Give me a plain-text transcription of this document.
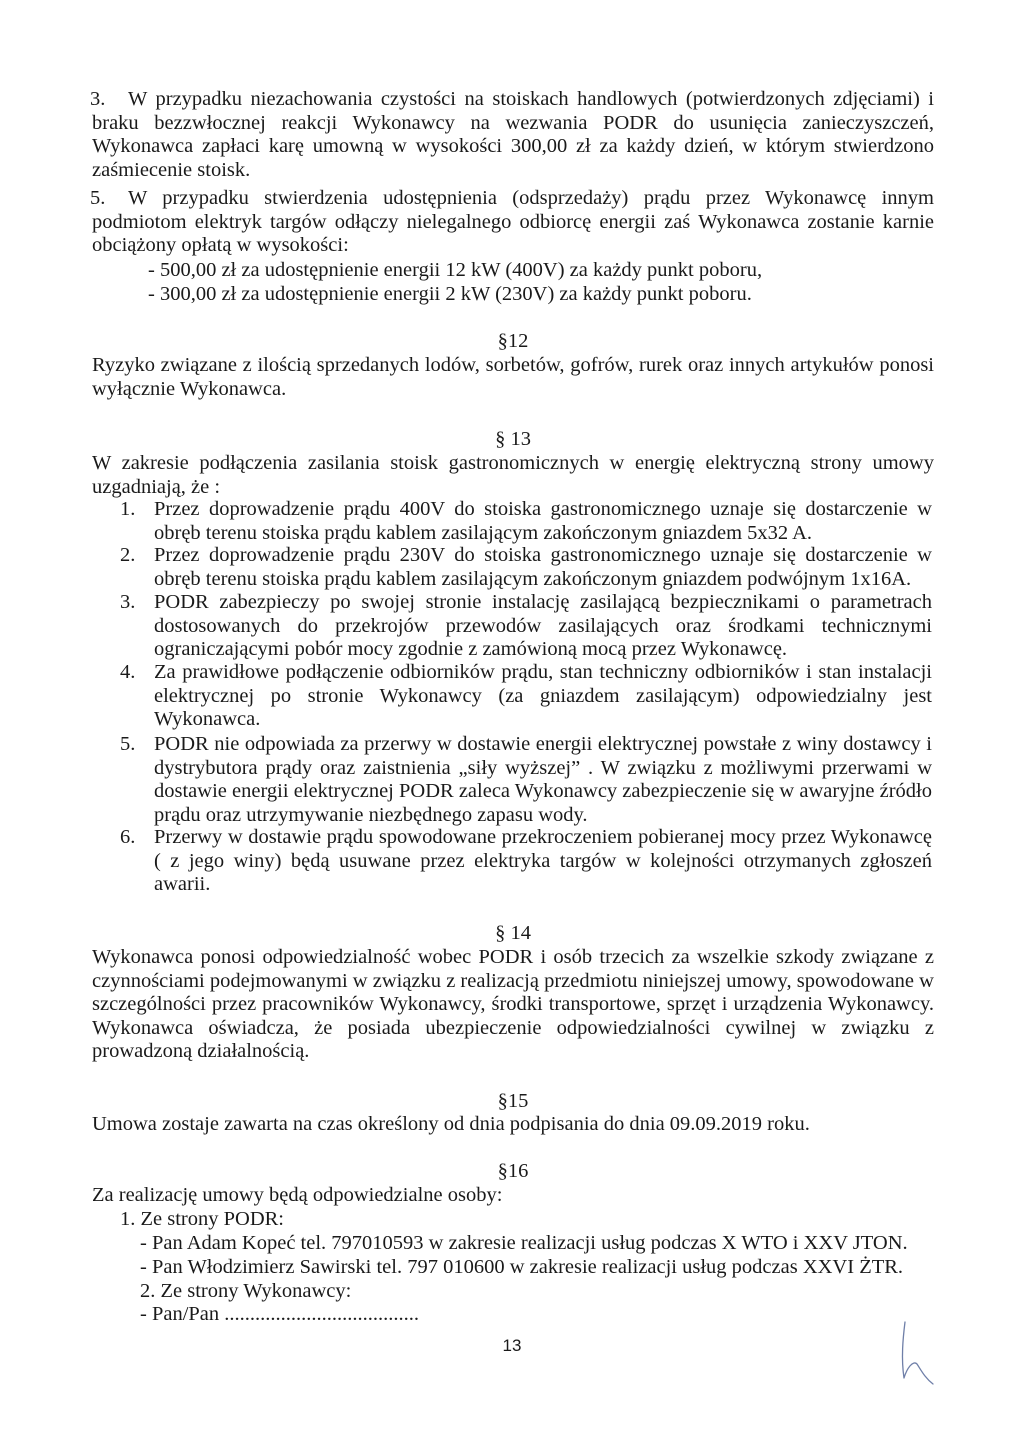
3.	W przypadku niezachowania czystości na stoiskach handlowych (potwierdzonych zdjęciami) i braku bezzwłocznej reakcji Wykonawcy na wezwania PODR do usunięcia zanieczyszczeń, Wykonawca zapłaci karę umowną w wysokości 300,00 zł za każdy dzień, w którym stwierdzono zaśmiecenie stoisk.
5.	W przypadku stwierdzenia udostępnienia (odsprzedaży) prądu przez Wykonawcę innym podmiotom elektryk targów odłączy nielegalnego odbiorcę energii zaś Wykonawca zostanie karnie obciążony opłatą w wysokości:
- 500,00 zł za udostępnienie energii 12 kW (400V) za każdy punkt poboru,
- 300,00 zł za udostępnienie energii 2 kW (230V) za każdy punkt poboru.
§12
Ryzyko związane z ilością sprzedanych lodów, sorbetów, gofrów, rurek oraz innych artykułów ponosi wyłącznie Wykonawca.
§ 13
W zakresie podłączenia zasilania stoisk gastronomicznych w energię elektryczną strony umowy uzgadniają, że :
1. Przez doprowadzenie prądu 400V do stoiska gastronomicznego uznaje się dostarczenie w obręb terenu stoiska prądu kablem zasilającym zakończonym gniazdem 5x32 A.
2. Przez doprowadzenie prądu 230V do stoiska gastronomicznego uznaje się dostarczenie w obręb terenu stoiska prądu kablem zasilającym zakończonym gniazdem podwójnym 1x16A.
3. PODR zabezpieczy po swojej stronie instalację zasilającą bezpiecznikami o parametrach dostosowanych do przekrojów przewodów zasilających oraz środkami technicznymi ograniczającymi pobór mocy zgodnie z zamówioną mocą przez Wykonawcę.
4. Za prawidłowe podłączenie odbiorników prądu, stan techniczny odbiorników i stan instalacji elektrycznej po stronie Wykonawcy (za gniazdem zasilającym) odpowiedzialny jest Wykonawca.
5. PODR nie odpowiada za przerwy w dostawie energii elektrycznej powstałe z winy dostawcy i dystrybutora prądy oraz zaistnienia „siły wyższej” . W związku z możliwymi przerwami w dostawie energii elektrycznej PODR zaleca Wykonawcy zabezpieczenie się w awaryjne źródło prądu oraz utrzymywanie niezbędnego zapasu wody.
6. Przerwy w dostawie prądu spowodowane przekroczeniem pobieranej mocy przez Wykonawcę ( z jego winy) będą usuwane przez elektryka targów w kolejności otrzymanych zgłoszeń awarii.
§ 14
Wykonawca ponosi odpowiedzialność wobec PODR i osób trzecich za wszelkie szkody związane z czynnościami podejmowanymi w związku z realizacją przedmiotu niniejszej umowy, spowodowane w szczególności przez pracowników Wykonawcy, środki transportowe, sprzęt i urządzenia Wykonawcy. Wykonawca oświadcza, że posiada ubezpieczenie odpowiedzialności cywilnej w związku z prowadzoną działalnością.
§15
Umowa zostaje zawarta na czas określony od dnia podpisania do dnia 09.09.2019 roku.
§16
Za realizację umowy będą odpowiedzialne osoby:
1. Ze strony PODR:
- Pan Adam Kopeć tel. 797010593 w zakresie realizacji usług podczas X WTO i XXV JTON.
- Pan Włodzimierz Sawirski tel. 797 010600 w zakresie realizacji usług podczas XXVI ŻTR.
2. Ze strony Wykonawcy:
- Pan/Pan ......................................
13
